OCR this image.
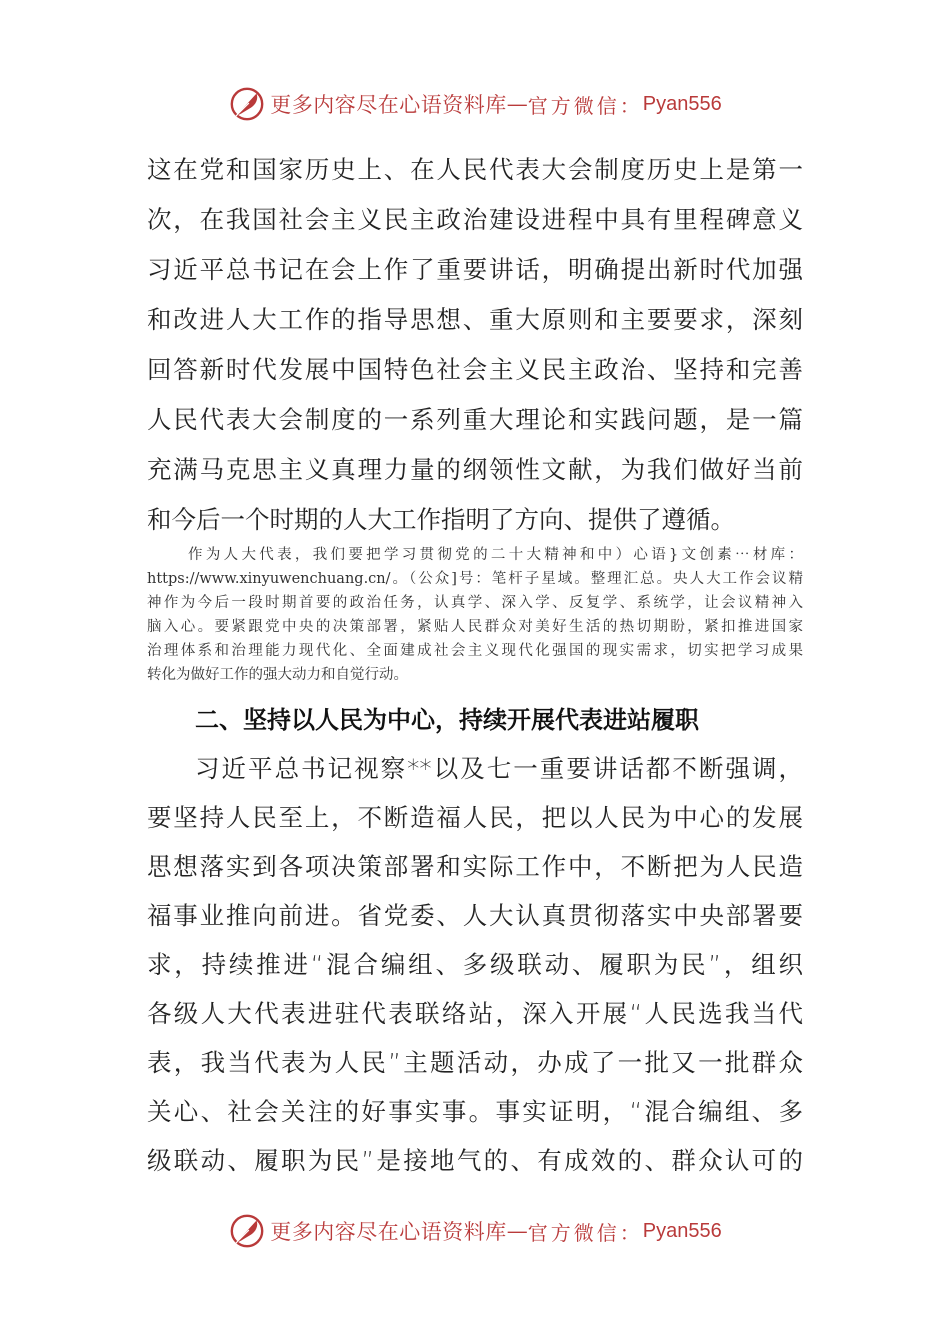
更多内容尽在心语资料库 — 官方微信： Pyan556
这在党和国家历史上、在人民代表大会制度历史上是第一
次，在我国社会主义民主政治建设进程中具有里程碑意义
习近平总书记在会上作了重要讲话，明确提出新时代加强
和改进人大工作的指导思想、重大原则和主要要求，深刻
回答新时代发展中国特色社会主义民主政治、坚持和完善
人民代表大会制度的一系列重大理论和实践问题，是一篇
充满马克思主义真理力量的纲领性文献，为我们做好当前
和今后一个时期的人大工作指明了方向、提供了遵循。
作为人大代表，我们要把学习贯彻党的二十大精神和中）心语}文创素⋯材库：
https://www.xinyuwenchuang.cn/。（公众]号：笔杆子星域。整理汇总。央人大工作会议精
神作为今后一段时期首要的政治任务，认真学、深入学、反复学、系统学，让会议精神入
脑入心。要紧跟党中央的决策部署，紧贴人民群众对美好生活的热切期盼，紧扣推进国家
治理体系和治理能力现代化、全面建成社会主义现代化强国的现实需求，切实把学习成果
转化为做好工作的强大动力和自觉行动。
二、坚持以人民为中心，持续开展代表进站履职
习近平总书记视察**以及七一重要讲话都不断强调，
要坚持人民至上，不断造福人民，把以人民为中心的发展
思想落实到各项决策部署和实际工作中，不断把为人民造
福事业推向前进。省党委、人大认真贯彻落实中央部署要
求，持续推进“混合编组、多级联动、履职为民”，组织
各级人大代表进驻代表联络站，深入开展“人民选我当代
表，我当代表为人民”主题活动，办成了一批又一批群众
关心、社会关注的好事实事。事实证明，“混合编组、多
级联动、履职为民”是接地气的、有成效的、群众认可的
更多内容尽在心语资料库 — 官方微信： Pyan556
